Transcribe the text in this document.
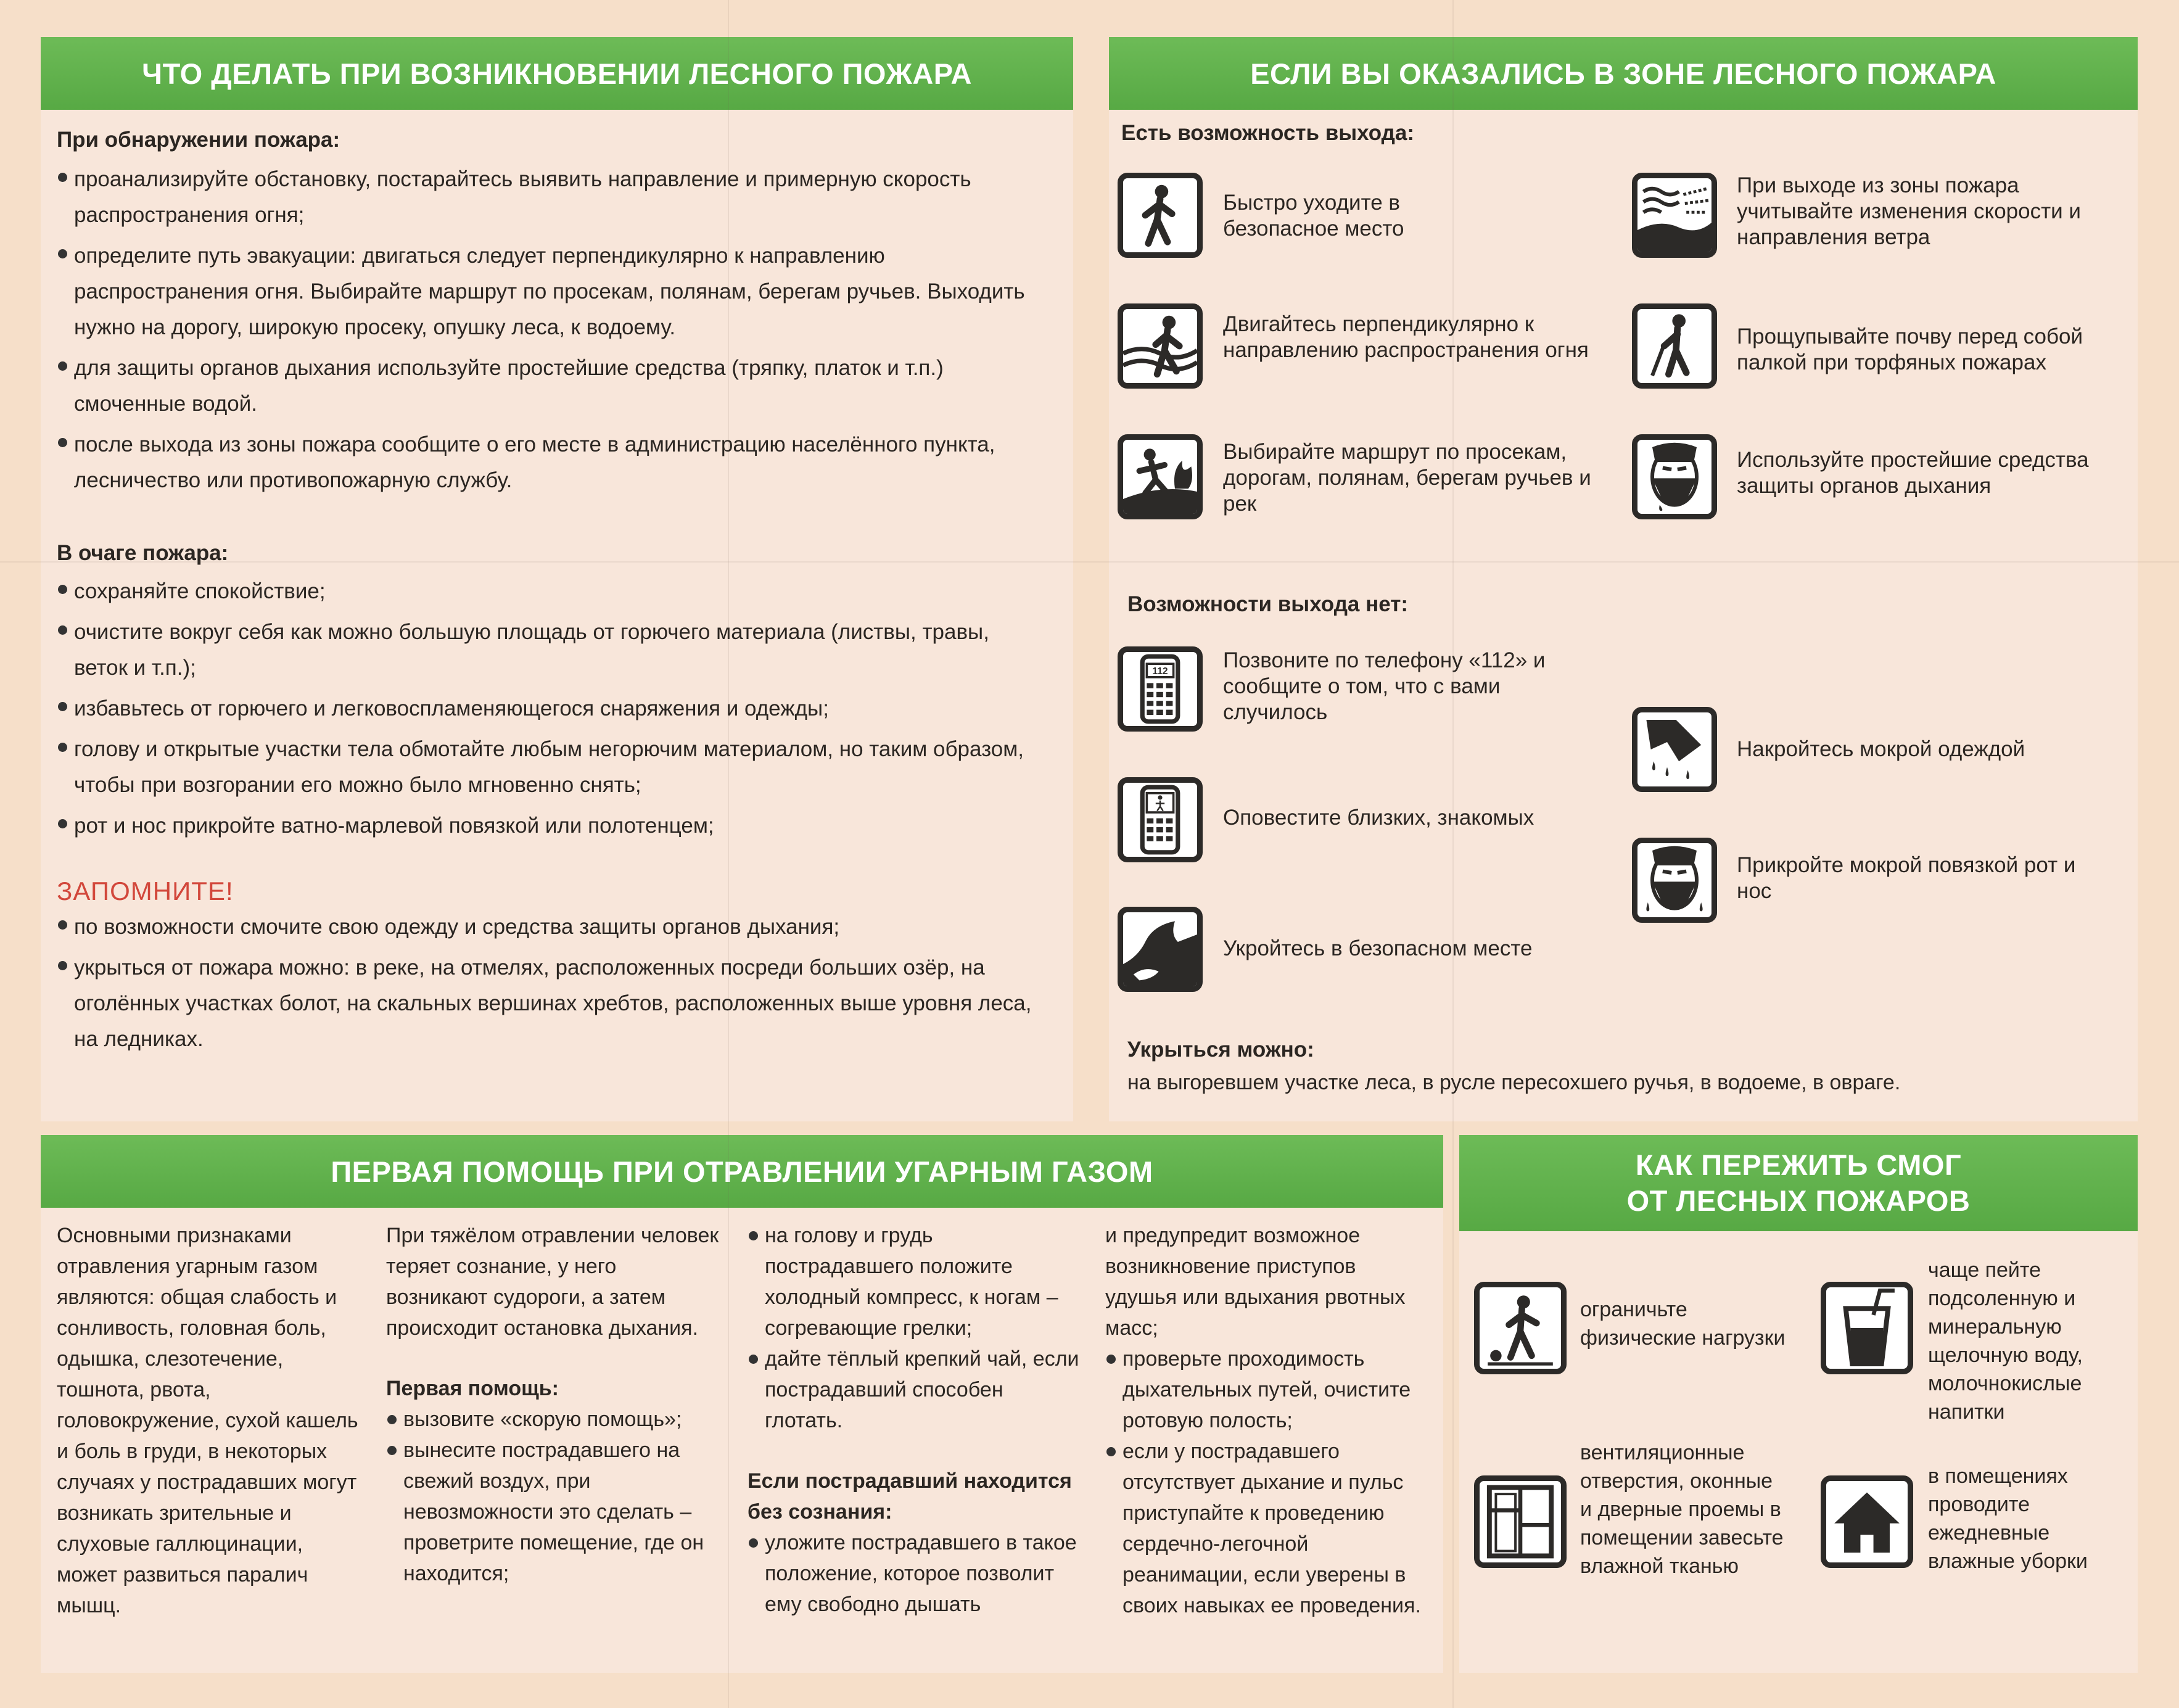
ЧТО ДЕЛАТЬ ПРИ ВОЗНИКНОВЕНИИ ЛЕСНОГО ПОЖАРА
При обнаружении пожара:
проанализируйте обстановку, постарайтесь выявить направление и примерную скорость распространения огня;
определите путь эвакуации: двигаться следует перпендикулярно к направлению распространения огня. Выбирайте маршрут по просекам, полянам, берегам ручьев. Выходить нужно на дорогу, широкую просеку, опушку леса, к водоему.
для защиты органов дыхания используйте простейшие средства (тряпку, платок и т.п.) смоченные водой.
после выхода из зоны пожара сообщите о его месте в администрацию населённого пункта, лесничество или противопожарную службу.
В очаге пожара:
сохраняйте спокойствие;
очистите вокруг себя как можно большую площадь от горючего материала (листвы, травы, веток и т.п.);
избавьтесь от горючего и легковоспламеняющегося снаряжения и одежды;
голову и открытые участки тела обмотайте любым негорючим материалом, но таким образом, чтобы при возгорании его можно было мгновенно снять;
рот и нос прикройте ватно-марлевой повязкой или полотенцем;
ЗАПОМНИТЕ!
по возможности смочите свою одежду и средства защиты органов дыхания;
укрыться от пожара можно: в реке, на отмелях, расположенных посреди больших озёр, на оголённых участках болот, на скальных вершинах хребтов, расположенных выше уровня леса, на ледниках.
ЕСЛИ ВЫ ОКАЗАЛИСЬ В ЗОНЕ ЛЕСНОГО ПОЖАРА
Есть возможность выхода:
Быстро уходите в безопасное место
При выходе из зоны пожара учитывайте изменения скорости и направления ветра
Двигайтесь перпендикулярно к направлению распространения огня
Прощупывайте почву перед собой палкой при торфяных пожарах
Выбирайте маршрут по просекам, дорогам, полянам, берегам ручьев и рек
Используйте простейшие средства защиты органов дыхания
Возможности выхода нет:
112	Позвоните по телефону «112» и сообщите о том, что с вами случилось
Накройтесь мокрой одеждой
Оповестите близких, знакомых
Прикройте мокрой повязкой рот и нос
Укройтесь в безопасном месте
Укрыться можно:
на выгоревшем участке леса, в русле пересохшего ручья, в водоеме, в овраге.
ПЕРВАЯ ПОМОЩЬ ПРИ ОТРАВЛЕНИИ УГАРНЫМ ГАЗОМ
Основными признаками отравления угарным газом являются: общая слабость и сонливость, головная боль, одышка, слезотечение, тошнота, рвота, головокружение, сухой кашель и боль в груди, в некоторых случаях у пострадавших могут возникать зрительные и слуховые галлюцинации, может развиться паралич мышц.
При тяжёлом отравлении человек теряет сознание, у него возникают судороги, а затем происходит остановка дыхания.
Первая помощь:
вызовите «скорую помощь»;
вынесите пострадавшего на свежий воздух, при невозможности это сделать – проветрите помещение, где он находится;
на голову и грудь пострадавшего положите холодный компресс, к ногам – согревающие грелки;
дайте тёплый крепкий чай, если пострадавший способен глотать.
Если пострадавший находится без сознания:
уложите пострадавшего в такое положение, которое позволит ему свободно дышать
и предупредит возможное возникновение приступов удушья или вдыхания рвотных масс;
проверьте проходимость дыхательных путей, очистите ротовую полость;
если у пострадавшего отсутствует дыхание и пульс приступайте к проведению сердечно-легочной реанимации, если уверены в своих навыках ее проведения.
КАК ПЕРЕЖИТЬ СМОГ
ОТ ЛЕСНЫХ ПОЖАРОВ
ограничьте физические нагрузки
чаще пейте подсоленную и минеральную щелочную воду, молочнокислые напитки
вентиляционные отверстия, оконные и дверные проемы в помещении завесьте влажной тканью
в помещениях проводите ежедневные влажные уборки
